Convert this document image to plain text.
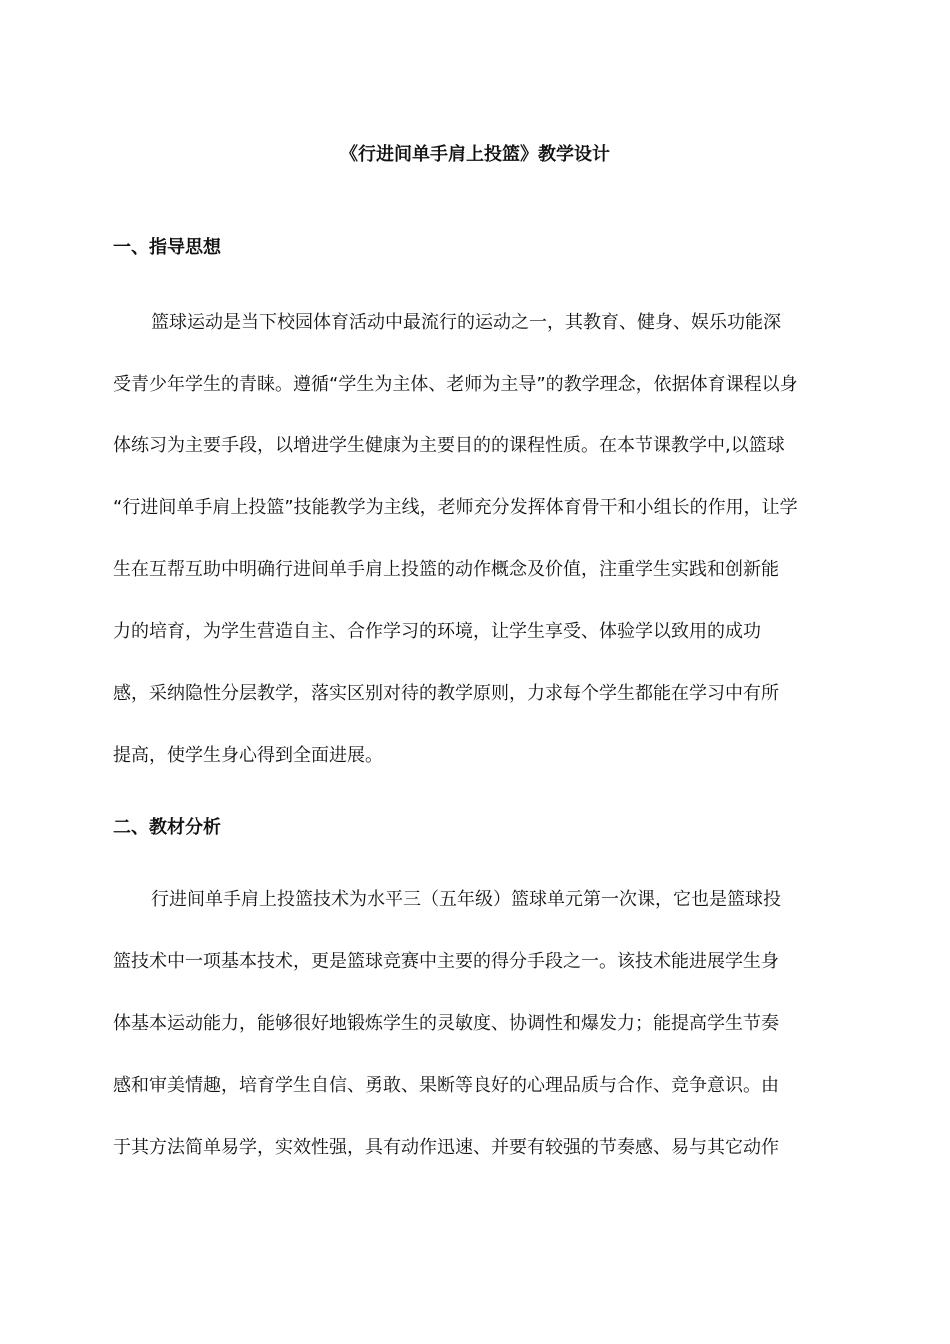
《行进间单手肩上投篮》教学设计
一、指导思想

篮球运动是当下校园体育活动中最流行的运动之一，其教育、健身、娱乐功能深

受青少年学生的青睐。遵循“学生为主体、老师为主导”的教学理念，依据体育课程以身

体练习为主要手段，以增进学生健康为主要目的的课程性质。在本节课教学中,以篮球

“行进间单手肩上投篮”技能教学为主线，老师充分发挥体育骨干和小组长的作用，让学

生在互帮互助中明确行进间单手肩上投篮的动作概念及价值，注重学生实践和创新能

力的培育，为学生营造自主、合作学习的环境，让学生享受、体验学以致用的成功

感，采纳隐性分层教学，落实区别对待的教学原则，力求每个学生都能在学习中有所

提高，使学生身心得到全面进展。

二、教材分析

行进间单手肩上投篮技术为水平三（五年级）篮球单元第一次课，它也是篮球投

篮技术中一项基本技术，更是篮球竞赛中主要的得分手段之一。该技术能进展学生身

体基本运动能力，能够很好地锻炼学生的灵敏度、协调性和爆发力；能提高学生节奏

感和审美情趣，培育学生自信、勇敢、果断等良好的心理品质与合作、竞争意识。由

于其方法简单易学，实效性强，具有动作迅速、并要有较强的节奏感、易与其它动作
